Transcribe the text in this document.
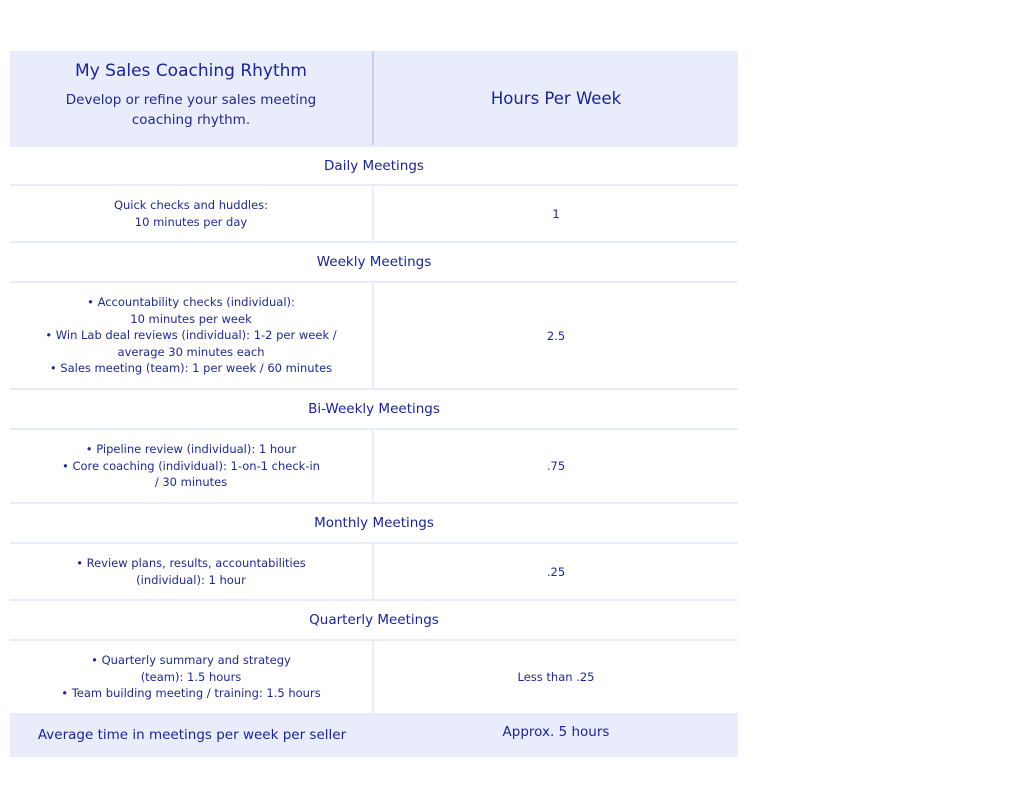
My Sales Coaching Rhythm
Develop or refine your sales meeting coaching rhythm.
Hours Per Week
Daily Meetings
Quick checks and huddles:
10 minutes per day
1
Weekly Meetings
• Accountability checks (individual):
10 minutes per week
• Win Lab deal reviews (individual): 1-2 per week /
average 30 minutes each
• Sales meeting (team): 1 per week / 60 minutes
2.5
Bi-Weekly Meetings
• Pipeline review (individual): 1 hour
• Core coaching (individual): 1-on-1 check-in
/ 30 minutes
.75
Monthly Meetings
• Review plans, results, accountabilities
(individual): 1 hour
.25
Quarterly Meetings
• Quarterly summary and strategy
(team): 1.5 hours
• Team building meeting / training: 1.5 hours
Less than .25
Average time in meetings per week per seller	Approx. 5 hours
